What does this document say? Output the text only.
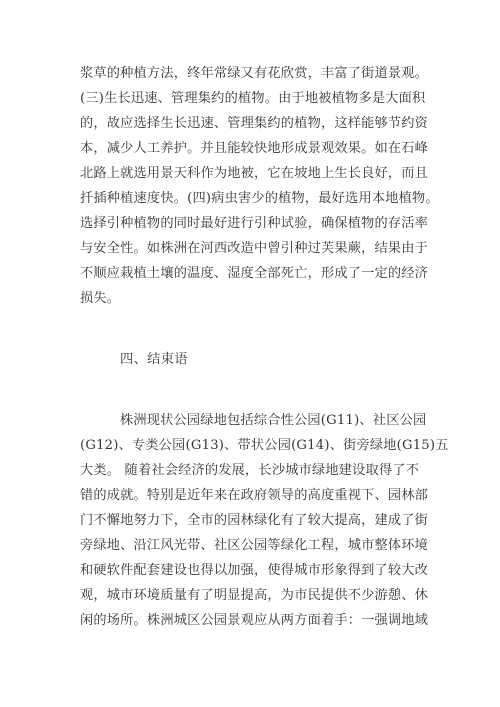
浆草的种植方法，终年常绿又有花欣赏，丰富了街道景观。
(三)生长迅速、管理集约的植物。由于地被植物多是大面积
的，故应选择生长迅速、管理集约的植物，这样能够节约资
本，减少人工养护。并且能较快地形成景观效果。如在石峰
北路上就选用景天科作为地被，它在坡地上生长良好，而且
扦插种植速度快。(四)病虫害少的植物，最好选用本地植物。
选择引种植物的同时最好进行引种试验，确保植物的存活率
与安全性。如株洲在河西改造中曾引种过芙果蕨，结果由于
不顺应栽植土壤的温度、湿度全部死亡，形成了一定的经济
损失。
四、结束语
株洲现状公园绿地包括综合性公园(G11)、社区公园
(G12)、专类公园(G13)、带状公园(G14)、街旁绿地(G15)五
大类。 随着社会经济的发展，长沙城市绿地建设取得了不
错的成就。特别是近年来在政府领导的高度重视下、园林部
门不懈地努力下，全市的园林绿化有了较大提高，建成了街
旁绿地、沿江风光带、社区公园等绿化工程，城市整体环境
和硬软件配套建设也得以加强，使得城市形象得到了较大改
观，城市环境质量有了明显提高，为市民提供不少游憩、休
闲的场所。株洲城区公园景观应从两方面着手：一强调地域
